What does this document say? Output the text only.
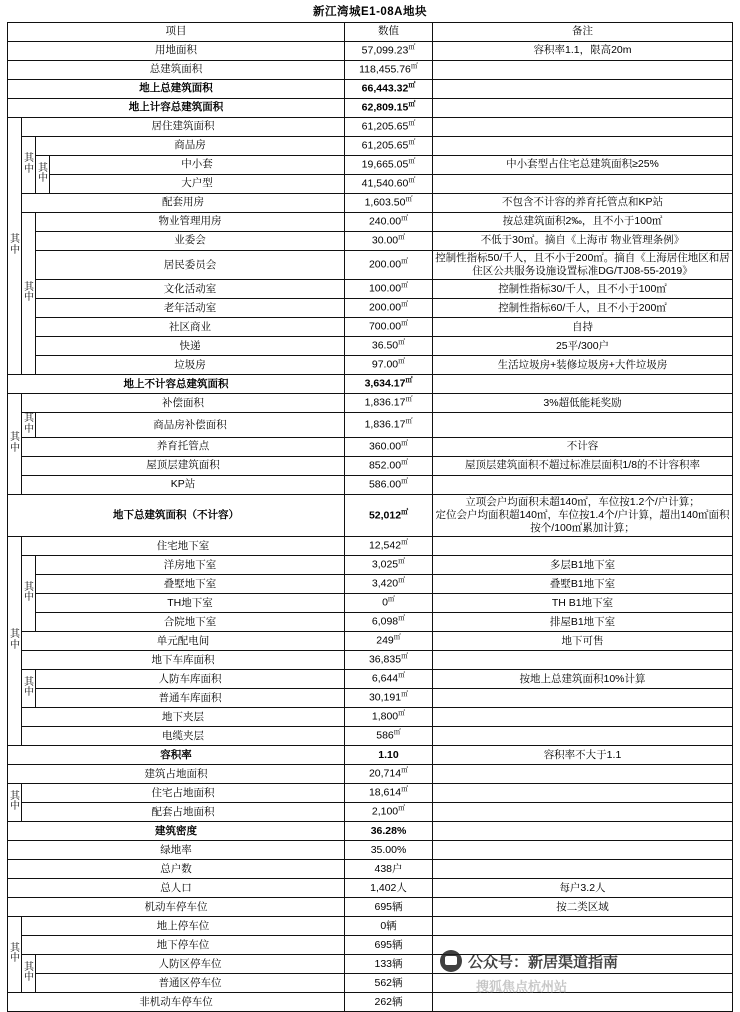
新江湾城E1-08A地块
项目				数值	备注
用地面积				57,099.23㎡	容积率1.1，限高20m
总建筑面积				118,455.76㎡	
地上总建筑面积				66,443.32㎡	
地上计容总建筑面积				62,809.15㎡	
其中	居住建筑面积			61,205.65㎡	
	其中	商品房		61,205.65㎡	
		其中	中小套	19,665.05㎡	中小套型占住宅总建筑面积≥25%
			大户型	41,540.60㎡	
	配套用房			1,603.50㎡	不包含不计容的养育托管点和KP站
	其中	物业管理用房		240.00㎡	按总建筑面积2‰，且不小于100㎡
		业委会		30.00㎡	不低于30㎡。摘自《上海市 物业管理条例》
		居民委员会		200.00㎡	控制性指标50/千人，且不小于200㎡。摘自《上海居住地区和居住区公共服务设施设置标准DG/TJ08-55-2019》
		文化活动室		100.00㎡	控制性指标30/千人，且不小于100㎡
		老年活动室		200.00㎡	控制性指标60/千人，且不小于200㎡
		社区商业		700.00㎡	自持
		快递		36.50㎡	25平/300户
		垃圾房		97.00㎡	生活垃圾房+装修垃圾房+大件垃圾房
地上不计容总建筑面积				3,634.17㎡	
其中	补偿面积			1,836.17㎡	3%超低能耗奖励
	其中	商品房补偿面积		1,836.17㎡	
	养育托管点			360.00㎡	不计容
	屋顶层建筑面积			852.00㎡	屋顶层建筑面积不超过标准层面积1/8的不计容积率
	KP站			586.00㎡	
地下总建筑面积（不计容）				52,012㎡	立项会户均面积未超140㎡，车位按1.2个/户计算；
定位会户均面积超140㎡，车位按1.4个/户计算，超出140㎡面积按个/100㎡累加计算；
其中	住宅地下室			12,542㎡	
	其中	洋房地下室		3,025㎡	多层B1地下室
		叠墅地下室		3,420㎡	叠墅B1地下室
		TH地下室		0㎡	TH B1地下室
		合院地下室		6,098㎡	排屋B1地下室
	单元配电间			249㎡	地下可售
	地下车库面积			36,835㎡	
	其中	人防车库面积		6,644㎡	按地上总建筑面积10%计算
		普通车库面积		30,191㎡	
	地下夹层			1,800㎡	
	电缆夹层			586㎡	
容积率				1.10	容积率不大于1.1
建筑占地面积				20,714㎡	
其中	住宅占地面积			18,614㎡	
	配套占地面积			2,100㎡	
建筑密度				36.28%	
绿地率				35.00%	
总户数				438户	
总人口				1,402人	每户3.2人
机动车停车位				695辆	按二类区域
其中	地上停车位			0辆	
	地下停车位			695辆	
	其中	人防区停车位		133辆	
		普通区停车位		562辆	
非机动车停车位				262辆	
公众号：新居渠道指南
搜狐焦点杭州站
